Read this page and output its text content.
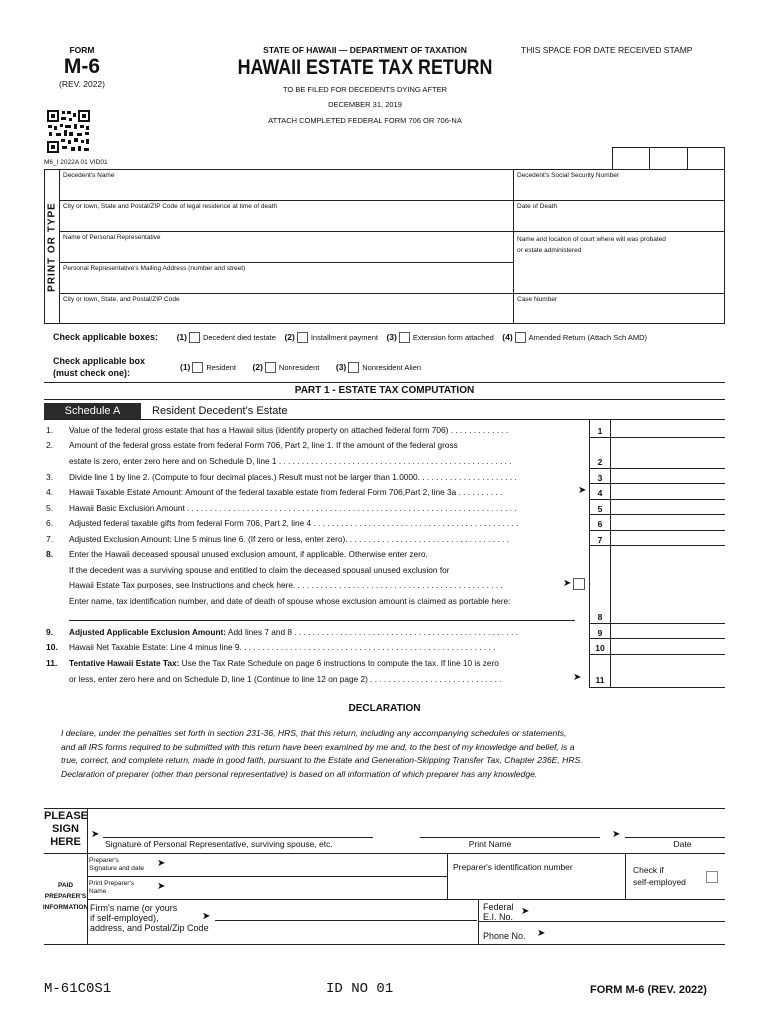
FORM
M-6
(REV. 2022)
STATE OF HAWAII — DEPARTMENT OF TAXATION
HAWAII ESTATE TAX RETURN
TO BE FILED FOR DECEDENTS DYING AFTER
DECEMBER 31, 2019
ATTACH COMPLETED FEDERAL FORM 706 OR 706-NA
THIS SPACE FOR DATE RECEIVED STAMP
M6_I 2022A 01 VID01
PRINT OR TYPE
Decedent's Name	Decedent's Social Security Number
City or town, State and Postal/ZIP Code of legal residence at time of death	Date of Death
Name of Personal Representative	Name and location of court where will was probated or estate administered
Personal Representative's Mailing Address (number and street)
City or town, State, and Postal/ZIP Code	Case Number
Check applicable boxes: (1) Decedent died testate (2) Installment payment (3) Extension form attached (4) Amended Return (Attach Sch AMD)
Check applicable box
(must check one):
(1) Resident (2) Nonresident (3) Nonresident Alien
PART 1 - ESTATE TAX COMPUTATION
Schedule A	Resident Decedent’s Estate
1. Value of the federal gross estate that has a Hawaii situs (identify property on attached federal form 706) . . . . . . . . . . . . .	1
2. Amount of the federal gross estate from federal Form 706, Part 2, line 1. If the amount of the federal gross
estate is zero, enter zero here and on Schedule D, line 1 . . . . . . . . . . . . . . . . . . . . . . . . . . . . . . . . . . . . . . . . . . . . . . . . . . .	2
3. Divide line 1 by line 2. (Compute to four decimal places.) Result must not be larger than 1.0000. . . . . . . . . . . . . . . . . . . . . .	3
4. Hawaii Taxable Estate Amount: Amount of the federal taxable estate from federal Form 706,Part 2, line 3a . . . . . . . . . .	➤	4
5. Hawaii Basic Exclusion Amount . . . . . . . . . . . . . . . . . . . . . . . . . . . . . . . . . . . . . . . . . . . . . . . . . . . . . . . . . . . . . . . . . . . . . . . .	5
6. Adjusted federal taxable gifts from federal Form 706, Part 2, line 4 . . . . . . . . . . . . . . . . . . . . . . . . . . . . . . . . . . . . . . . . . . . . .	6
7. Adjusted Exclusion Amount: Line 5 minus line 6. (If zero or less, enter zero). . . . . . . . . . . . . . . . . . . . . . . . . . . . . . . . . . . .	7
8. Enter the Hawaii deceased spousal unused exclusion amount, if applicable. Otherwise enter zero.
If the decedent was a surviving spouse and entitled to claim the deceased spousal unused exclusion for
Hawaii Estate Tax purposes, see Instructions and check here. . . . . . . . . . . . . . . . . . . . . . . . . . . . . . . . . . . . . . . . . . . . . .	➤
Enter name, tax identification number, and date of death of spouse whose exclusion amount is claimed as portable here:
8
9. Adjusted Applicable Exclusion Amount: Add lines 7 and 8 . . . . . . . . . . . . . . . . . . . . . . . . . . . . . . . . . . . . . . . . . . . . . . . . .	9
10. Hawaii Net Taxable Estate: Line 4 minus line 9. . . . . . . . . . . . . . . . . . . . . . . . . . . . . . . . . . . . . . . . . . . . . . . . . . . . . . . .	10
11. Tentative Hawaii Estate Tax: Use the Tax Rate Schedule on page 6 instructions to compute the tax. If line 10 is zero
or less, enter zero here and on Schedule D, line 1 (Continue to line 12 on page 2) . . . . . . . . . . . . . . . . . . . . . . . . . . . . .	➤	11
DECLARATION
I declare, under the penalties set forth in section 231-36, HRS, that this return, including any accompanying schedules or statements,
and all IRS forms required to be submitted with this return have been examined by me and, to the best of my knowledge and belief, is a
true, correct, and complete return, made in good faith, pursuant to the Estate and Generation-Skipping Transfer Tax, Chapter 236E, HRS.
Declaration of preparer (other than personal representative) is based on all information of which preparer has any knowledge.
PLEASE
SIGN
HERE
➤
Signature of Personal Representative, surviving spouse, etc.	Print Name
➤
Date
PAID
PREPARER'S
INFORMATION
Preparer's
Signature and date ➤
Print Preparer's
Name	➤
Preparer's identification number	Check if
self-employed
Firm's name (or yours
if self-employed),
address, and Postal/Zip Code
➤
Federal
E.I. No. ➤
Phone No. ➤
M-61C0S1	ID NO 01	FORM M-6 (REV. 2022)
